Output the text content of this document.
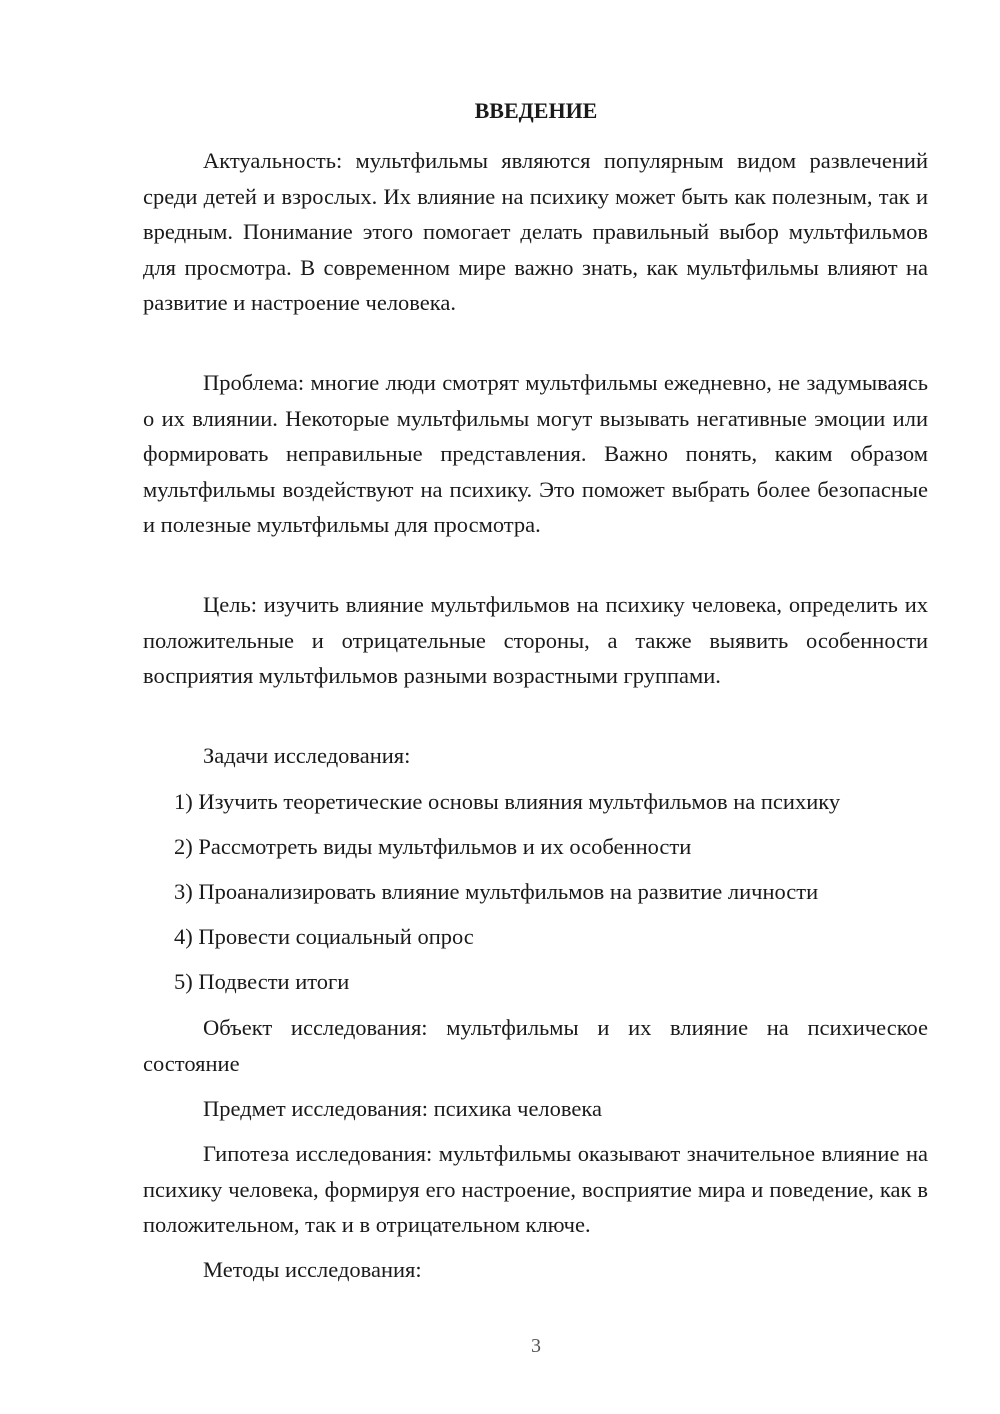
ВВЕДЕНИЕ

Актуальность: мультфильмы являются популярным видом развлечений среди детей и взрослых. Их влияние на психику может быть как полезным, так и вредным. Понимание этого помогает делать правильный выбор мультфильмов для просмотра. В современном мире важно знать, как мультфильмы влияют на развитие и настроение человека.

Проблема: многие люди смотрят мультфильмы ежедневно, не задумываясь о их влиянии. Некоторые мультфильмы могут вызывать негативные эмоции или формировать неправильные представления. Важно понять, каким образом мультфильмы воздействуют на психику. Это поможет выбрать более безопасные и полезные мультфильмы для просмотра.

Цель: изучить влияние мультфильмов на психику человека, определить их положительные и отрицательные стороны, а также выявить особенности восприятия мультфильмов разными возрастными группами.

Задачи исследования:

1) Изучить теоретические основы влияния мультфильмов на психику

2) Рассмотреть виды мультфильмов и их особенности

3) Проанализировать влияние мультфильмов на развитие личности

4) Провести социальный опрос

5) Подвести итоги

Объект исследования: мультфильмы и их влияние на психическое состояние

Предмет исследования: психика человека

Гипотеза исследования: мультфильмы оказывают значительное влияние на психику человека, формируя его настроение, восприятие мира и поведение, как в положительном, так и в отрицательном ключе.

Методы исследования:

3
